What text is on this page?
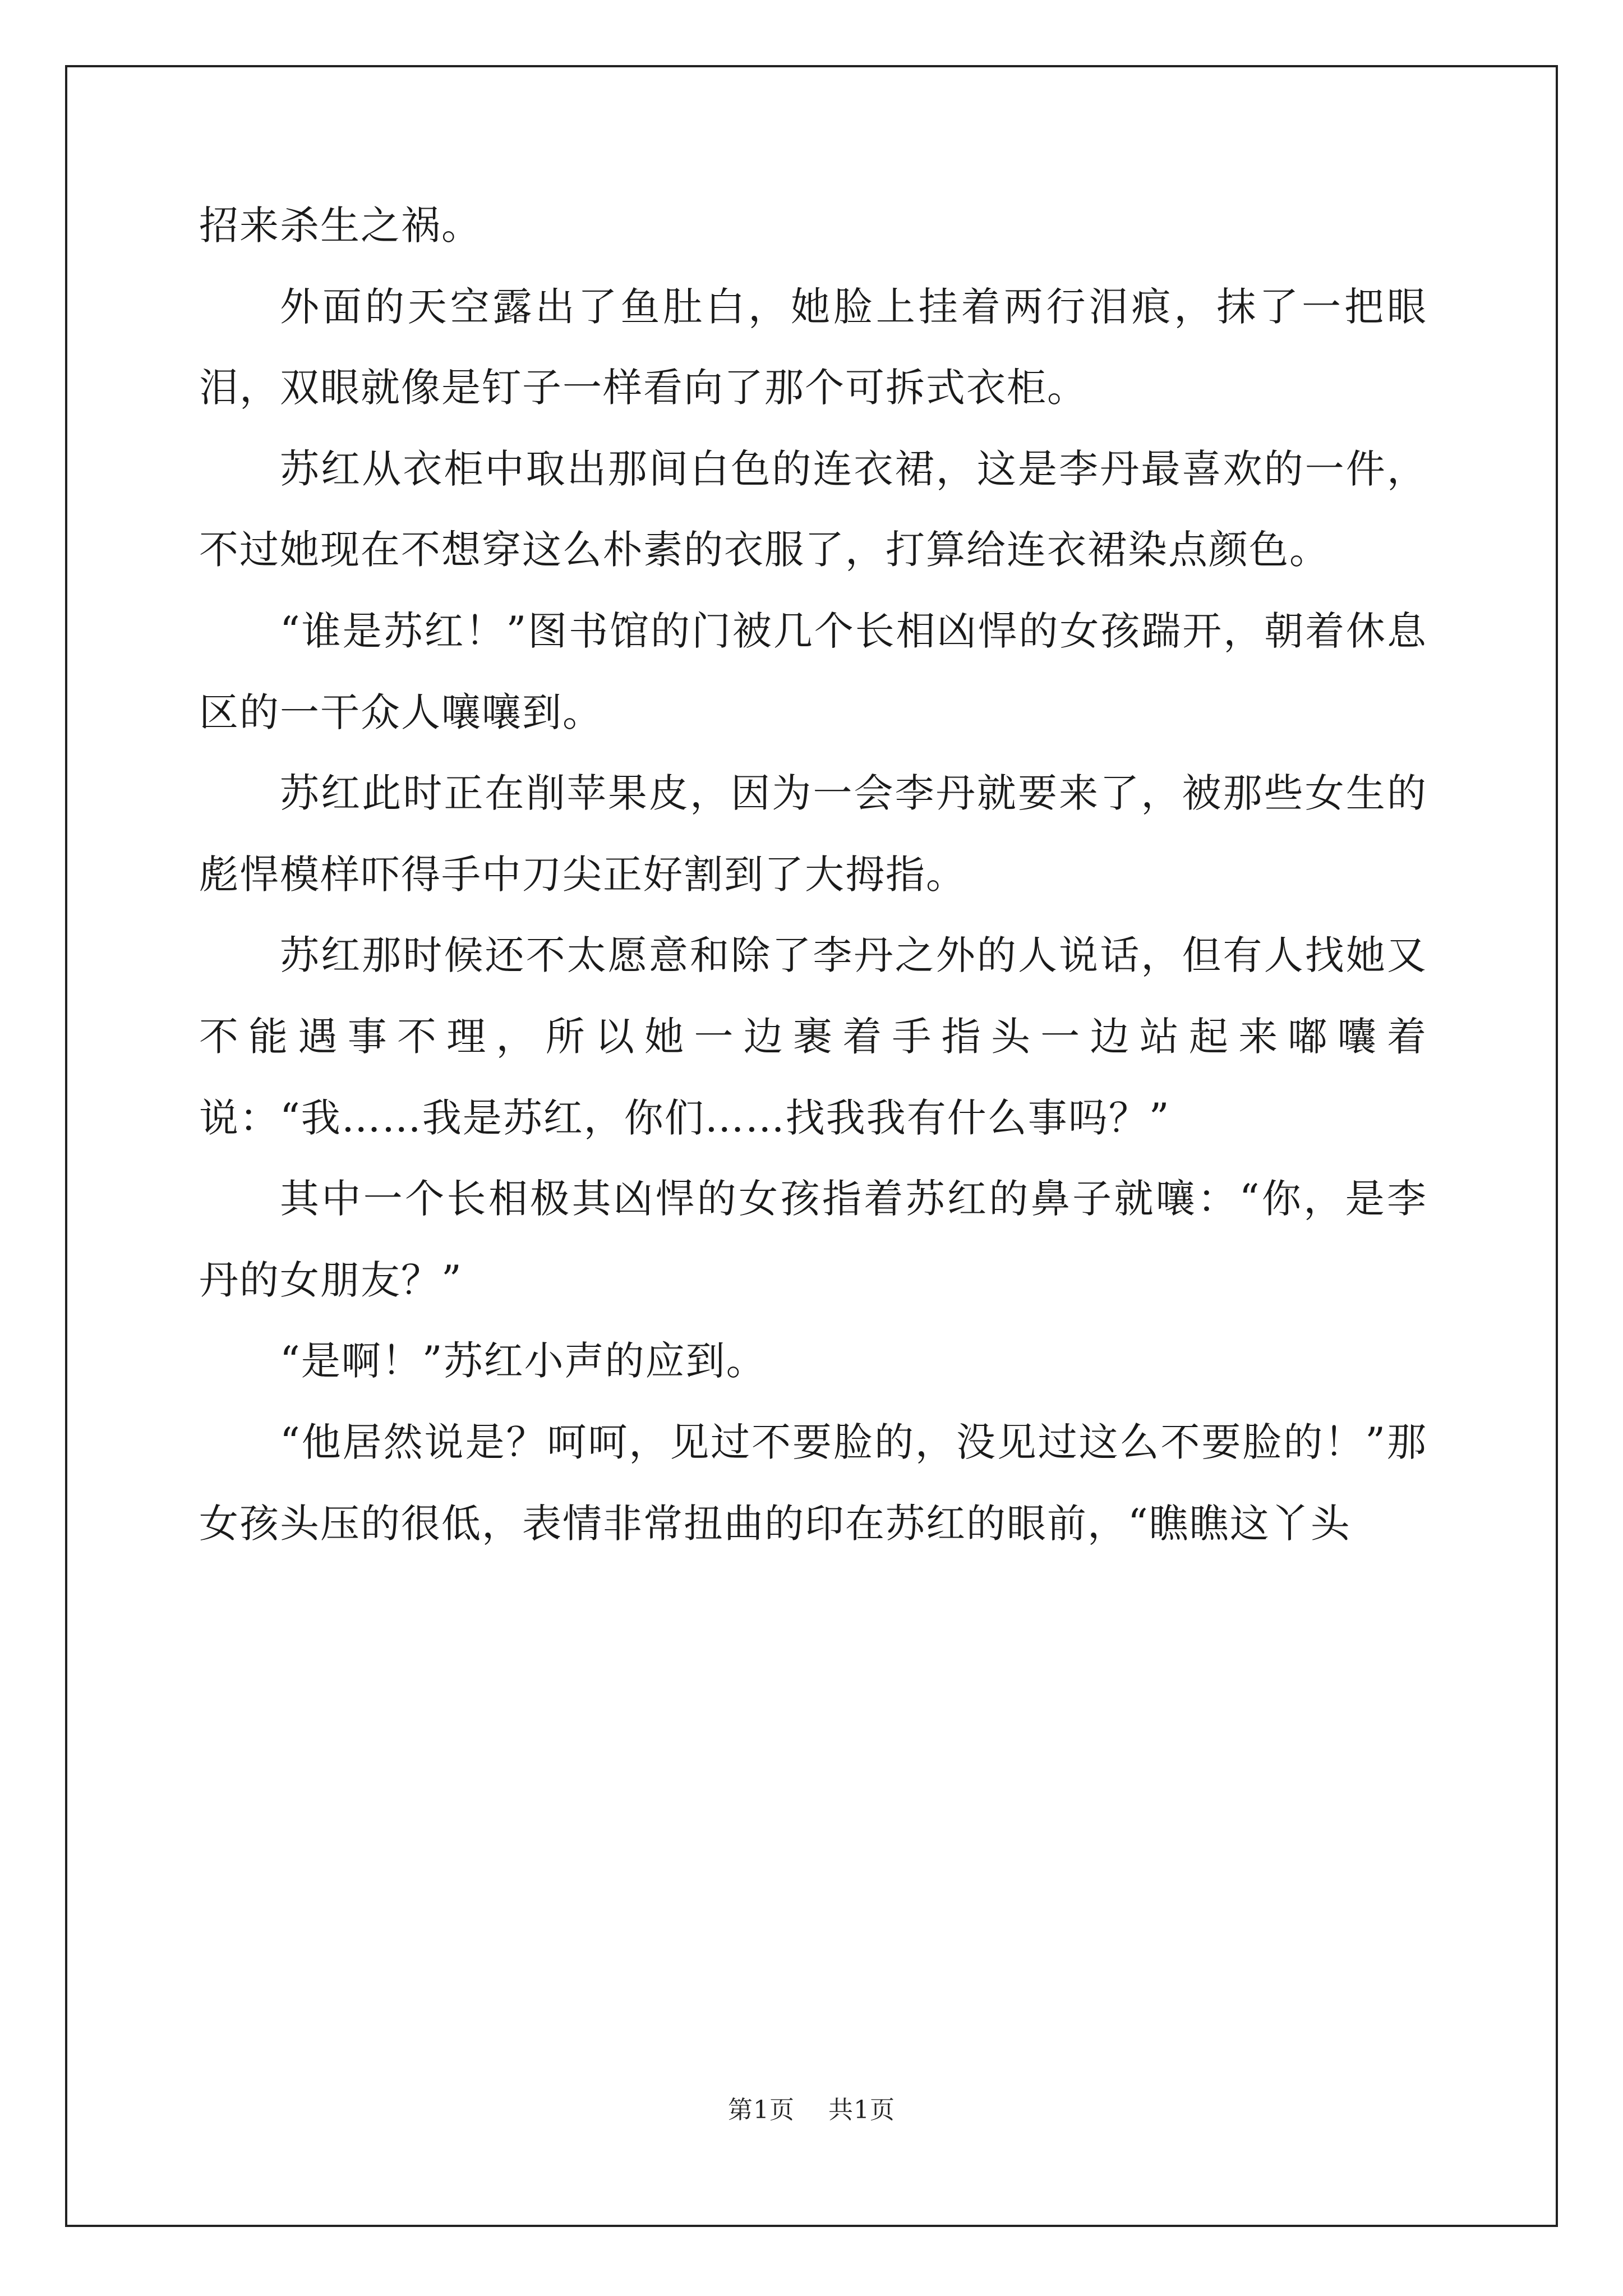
招来杀生之祸。

外面的天空露出了鱼肚白，她脸上挂着两行泪痕，抹了一把眼泪，双眼就像是钉子一样看向了那个可拆式衣柜。

苏红从衣柜中取出那间白色的连衣裙，这是李丹最喜欢的一件，不过她现在不想穿这么朴素的衣服了，打算给连衣裙染点颜色。

“谁是苏红！”图书馆的门被几个长相凶悍的女孩踹开，朝着休息区的一干众人嚷嚷到。

苏红此时正在削苹果皮，因为一会李丹就要来了，被那些女生的彪悍模样吓得手中刀尖正好割到了大拇指。

苏红那时候还不太愿意和除了李丹之外的人说话，但有人找她又不能遇事不理，所以她一边裹着手指头一边站起来嘟囔着说：“我……我是苏红，你们……找我我有什么事吗？”

其中一个长相极其凶悍的女孩指着苏红的鼻子就嚷：“你，是李丹的女朋友？”

“是啊！”苏红小声的应到。

“他居然说是？呵呵，见过不要脸的，没见过这么不要脸的！”那女孩头压的很低，表情非常扭曲的印在苏红的眼前，“瞧瞧这丫头

第1页 共1页
